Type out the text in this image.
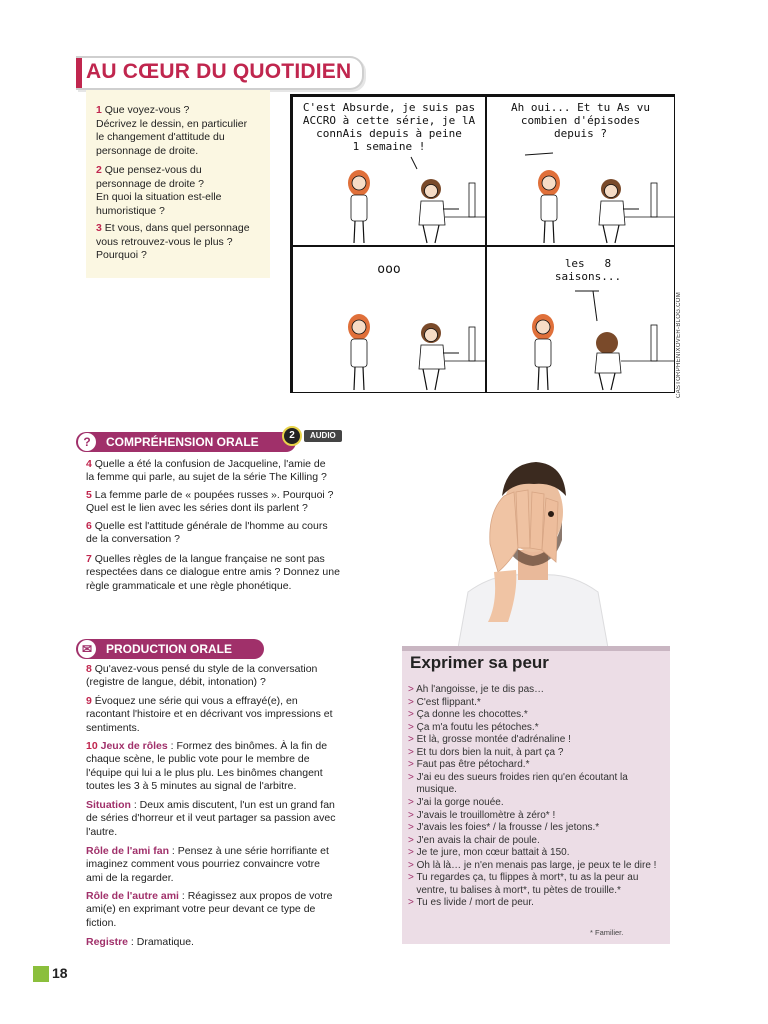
AU CŒUR DU QUOTIDIEN
1 Que voyez-vous ?
Décrivez le dessin, en particulier
le changement d'attitude du
personnage de droite.
2 Que pensez-vous du
personnage de droite ?
En quoi la situation est-elle
humoristique ?
3 Et vous, dans quel personnage
vous retrouvez-vous le plus ?
Pourquoi ?
C'est Absurde, je suis pas
ACCRO à cette série, je lA
connAis depuis à peine
1 semaine !
Ah oui... Et tu As vu
combien d'épisodes
depuis ?
ooo	les   8
saisons...
CASTORPHENIXOVER-BLOG.COM
?	COMPRÉHENSION ORALE	2	AUDIO
4 Quelle a été la confusion de Jacqueline, l'amie de
la femme qui parle, au sujet de la série The Killing ?
5 La femme parle de « poupées russes ». Pourquoi ?
Quel est le lien avec les séries dont ils parlent ?
6 Quelle est l'attitude générale de l'homme au cours
de la conversation ?
7 Quelles règles de la langue française ne sont pas
respectées dans ce dialogue entre amis ? Donnez une
règle grammaticale et une règle phonétique.
✉	PRODUCTION ORALE
8 Qu'avez-vous pensé du style de la conversation
(registre de langue, débit, intonation) ?
9 Évoquez une série qui vous a effrayé(e), en
racontant l'histoire et en décrivant vos impressions et
sentiments.
10 Jeux de rôles : Formez des binômes. À la fin de
chaque scène, le public vote pour le membre de
l'équipe qui lui a le plus plu. Les binômes changent
toutes les 3 à 5 minutes au signal de l'arbitre.
Situation : Deux amis discutent, l'un est un grand fan
de séries d'horreur et il veut partager sa passion avec
l'autre.
Rôle de l'ami fan : Pensez à une série horrifiante et
imaginez comment vous pourriez convaincre votre
ami de la regarder.
Rôle de l'autre ami : Réagissez aux propos de votre
ami(e) en exprimant votre peur devant ce type de
fiction.
Registre : Dramatique.
Exprimer sa peur
> Ah l'angoisse, je te dis pas…
> C'est flippant.*
> Ça donne les chocottes.*
> Ça m'a foutu les pétoches.*
> Et là, grosse montée d'adrénaline !
> Et tu dors bien la nuit, à part ça ?
> Faut pas être pétochard.*
> J'ai eu des sueurs froides rien qu'en écoutant la
musique.
> J'ai la gorge nouée.
> J'avais le trouillomètre à zéro* !
> J'avais les foies* / la frousse / les jetons.*
> J'en avais la chair de poule.
> Je te jure, mon cœur battait à 150.
> Oh là là… je n'en menais pas large, je peux te le dire !
> Tu regardes ça, tu flippes à mort*, tu as la peur au
ventre, tu balises à mort*, tu pètes de trouille.*
> Tu es livide / mort de peur.
* Familier.
18
